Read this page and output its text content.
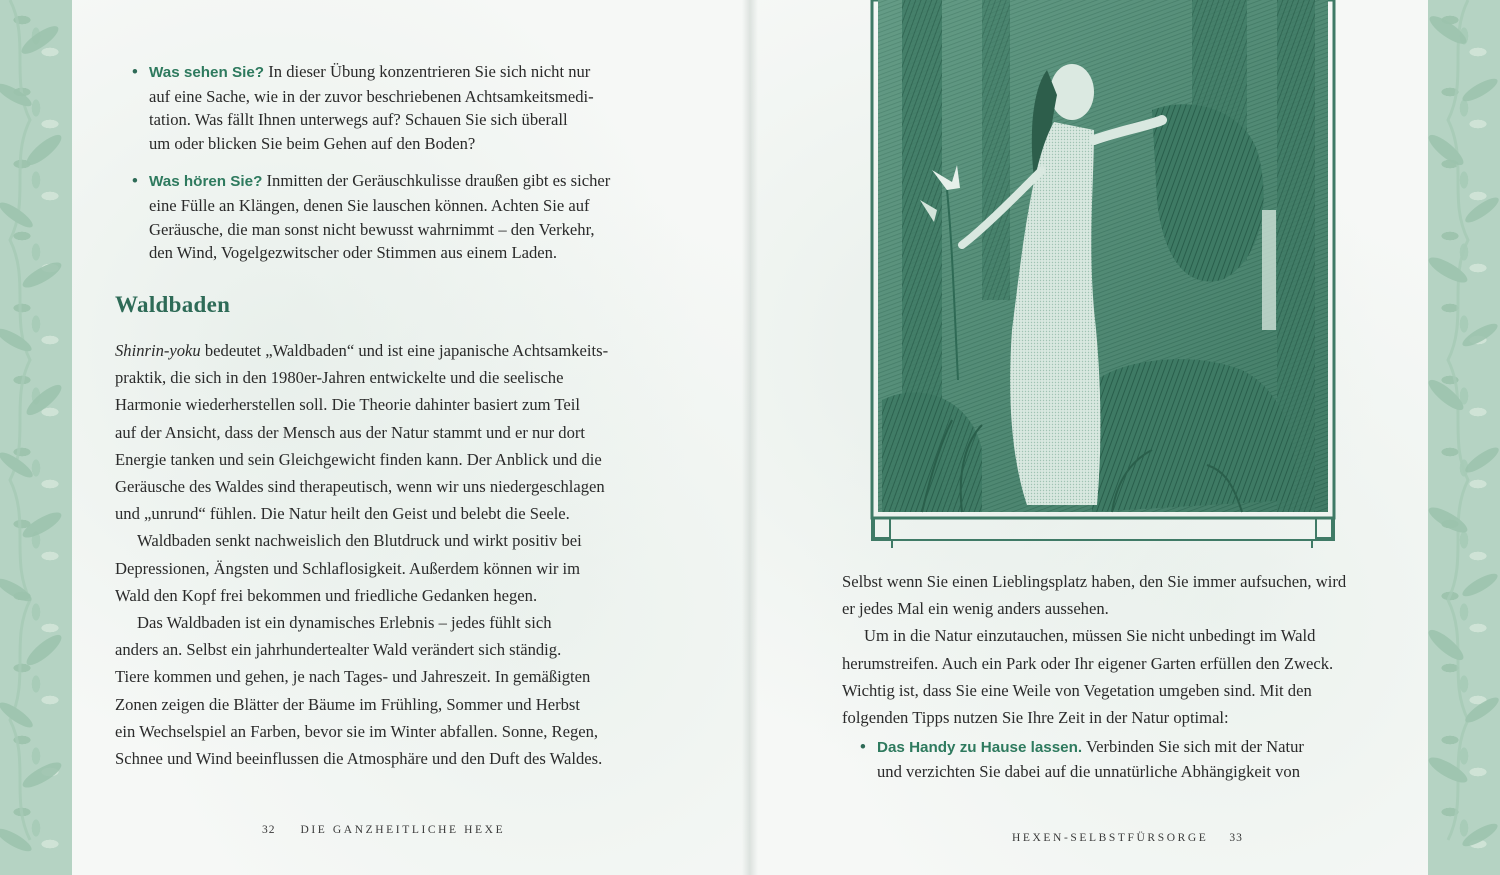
• Was sehen Sie? In dieser Übung konzentrieren Sie sich nicht nur
auf eine Sache, wie in der zuvor beschriebenen Achtsamkeitsmedi-
tation. Was fällt Ihnen unterwegs auf? Schauen Sie sich überall
um oder blicken Sie beim Gehen auf den Boden?
• Was hören Sie? Inmitten der Geräuschkulisse draußen gibt es sicher
eine Fülle an Klängen, denen Sie lauschen können. Achten Sie auf
Geräusche, die man sonst nicht bewusst wahrnimmt – den Verkehr,
den Wind, Vogelgezwitscher oder Stimmen aus einem Laden.
Waldbaden

Shinrin-yoku bedeutet „Waldbaden“ und ist eine japanische Achtsamkeits-
praktik, die sich in den 1980er-Jahren entwickelte und die seelische
Harmonie wiederherstellen soll. Die Theorie dahinter basiert zum Teil
auf der Ansicht, dass der Mensch aus der Natur stammt und er nur dort
Energie tanken und sein Gleichgewicht finden kann. Der Anblick und die
Geräusche des Waldes sind therapeutisch, wenn wir uns niedergeschlagen
und „unrund“ fühlen. Die Natur heilt den Geist und belebt die Seele.

Waldbaden senkt nachweislich den Blutdruck und wirkt positiv bei
Depressionen, Ängsten und Schlaflosigkeit. Außerdem können wir im
Wald den Kopf frei bekommen und friedliche Gedanken hegen.

Das Waldbaden ist ein dynamisches Erlebnis – jedes fühlt sich
anders an. Selbst ein jahrhundertealter Wald verändert sich ständig.
Tiere kommen und gehen, je nach Tages- und Jahreszeit. In gemäßigten
Zonen zeigen die Blätter der Bäume im Frühling, Sommer und Herbst
ein Wechselspiel an Farben, bevor sie im Winter abfallen. Sonne, Regen,
Schnee und Wind beeinflussen die Atmosphäre und den Duft des Waldes.

32 DIE GANZHEITLICHE HEXE

Selbst wenn Sie einen Lieblingsplatz haben, den Sie immer aufsuchen, wird
er jedes Mal ein wenig anders aussehen.

Um in die Natur einzutauchen, müssen Sie nicht unbedingt im Wald
herumstreifen. Auch ein Park oder Ihr eigener Garten erfüllen den Zweck.
Wichtig ist, dass Sie eine Weile von Vegetation umgeben sind. Mit den
folgenden Tipps nutzen Sie Ihre Zeit in der Natur optimal:

• Das Handy zu Hause lassen. Verbinden Sie sich mit der Natur
und verzichten Sie dabei auf die unnatürliche Abhängigkeit von
HEXEN-SELBSTFÜRSORGE 33
